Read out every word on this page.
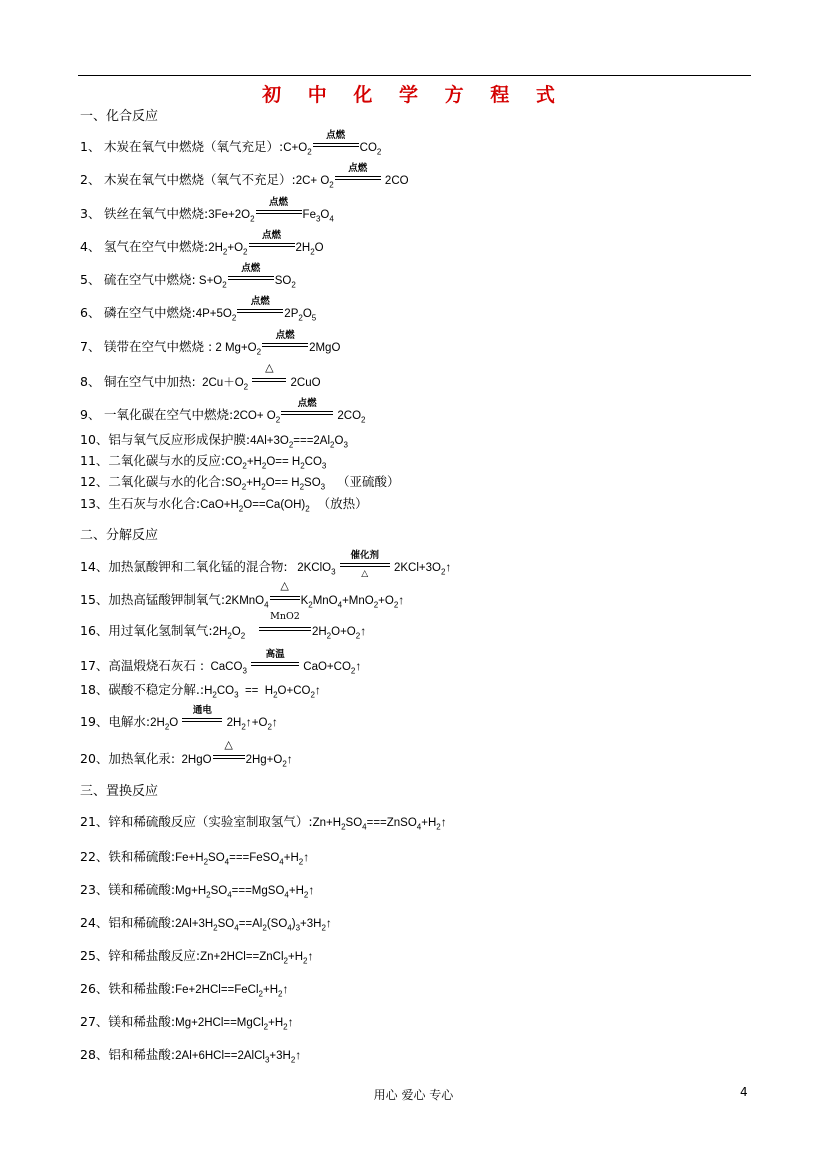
初 中 化 学 方 程 式
一、化合反应
1、 木炭在氧气中燃烧（氧气充足）$:C+O_2$
点燃
$CO_2$
2、 木炭在氧气中燃烧（氧气不充足）:2C+ $O_2$
点燃
2CO
3、 铁丝在氧气中燃烧$:3Fe+2O_2$
点燃
$Fe_3O_4$
4、 氢气在空气中燃烧$:2H_2+O_2$
点燃
$2H_2O$
5、 硫在空气中燃烧: $S+O_2$
点燃
$SO_2$
6、 磷在空气中燃烧$:4P+5O_2$
点燃
$2P_2O_5$
7、 镁带在空气中燃烧 : 2 $Mg+O_2$
点燃
2MgO
8、 铜在空气中加热:  $2Cu+O_2$
△
2CuO
9、 一氧化碳在空气中燃烧:2CO+ $O_2$
点燃
$2CO_2$
10、铝与氧气反应形成保护膜$:4Al+3O_2===2Al_2O_3$
11、二氧化碳与水的反应$:CO_2+H_2O== H_2CO_3$
12、二氧化碳与水的化合$:SO_2+H_2O== H_2SO_3$ （亚硫酸）
13、生石灰与水化合$:CaO+H_2O==Ca(OH)_2$ （放热）
二、分解反应
14、加热氯酸钾和二氧化锰的混合物:   2KClO$_3$
催化剂
△	$2KCl+3O_2↑$
15、加热高锰酸钾制氧气:2KMnO$_4$
△
$K_2MnO_4+MnO_2+O_2↑$
16、用过氧化氢制氧气$:2H_2O_2$
MnO2
$2H_2O+O_2↑$
17、高温煅烧石灰石 :  CaCO$_3$
高温
$CaO+CO_2↑$
18、碳酸不稳定分解$.:H_2CO_3$  ==  $H_2O+CO_2↑$
19、电解水$:2H_2O$
通电
$2H_2↑+O_2↑$
20、加热氧化汞:  2HgO
△
$2Hg+O_2↑$
三、置换反应
21、锌和稀硫酸反应（实验室制取氢气）$:Zn+H_2SO_4===ZnSO_4+H_2↑$
22、铁和稀硫酸$:Fe+H_2SO_4===FeSO_4+H_2↑$
23、镁和稀硫酸$:Mg+H_2SO_4===MgSO_4+H_2↑$
24、铝和稀硫酸$:2Al+3H_2SO_4==Al_2(SO_4)_3+3H_2↑$
25、锌和稀盐酸反应$:Zn+2HCl==ZnCl_2+H_2↑$
26、铁和稀盐酸$:Fe+2HCl==FeCl_2+H_2↑$
27、镁和稀盐酸$:Mg+2HCl==MgCl_2+H_2↑$
28、铝和稀盐酸$:2Al+6HCl==2AlCl_3+3H_2↑$
用心 爱心 专心	4
